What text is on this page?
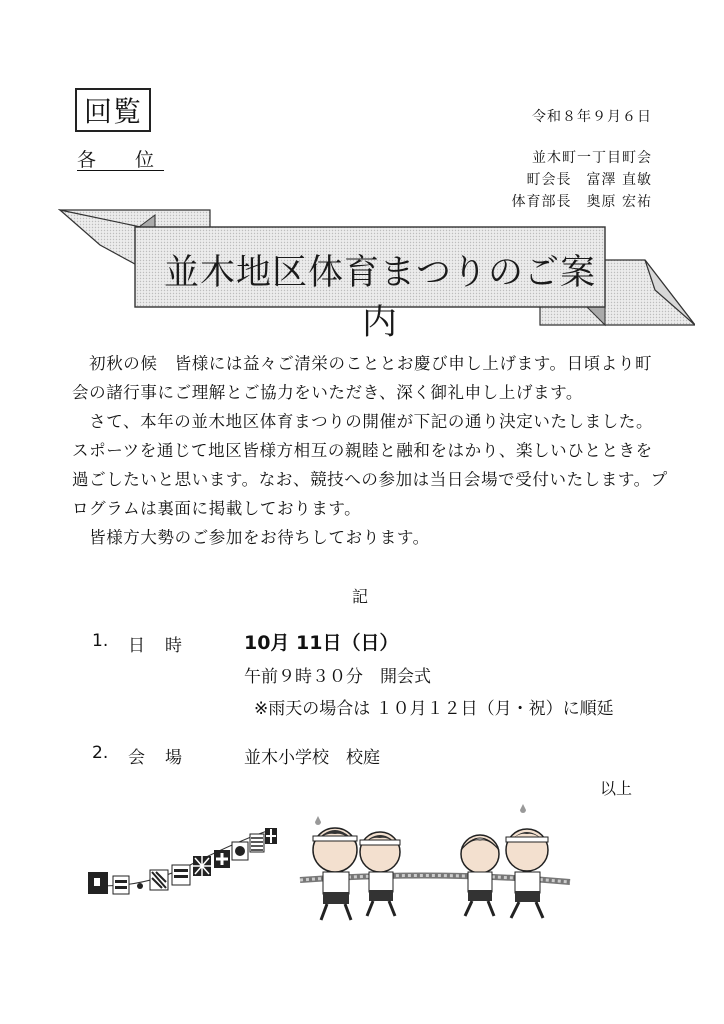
回覧
各　位
令和８年９月６日
並木町一丁目町会
町会長　富澤 直敏
体育部長　奥原 宏祐
並木地区体育まつりのご案内

　初秋の候　皆様には益々ご清栄のこととお慶び申し上げます。日頃より町

会の諸行事にご理解とご協力をいただき、深く御礼申し上げます。

　さて、本年の並木地区体育まつりの開催が下記の通り決定いたしました。

スポーツを通じて地区皆様方相互の親睦と融和をはかり、楽しいひとときを

過ごしたいと思います。なお、競技への参加は当日会場で受付いたします。プ

ログラムは裏面に掲載しております。

　皆様方大勢のご参加をお待ちしております。

記
1. 日時 10月 11日（日）
午前９時３０分　開会式
※雨天の場合は １０月１２日（月・祝）に順延
2. 会場 並木小学校　校庭
以上
